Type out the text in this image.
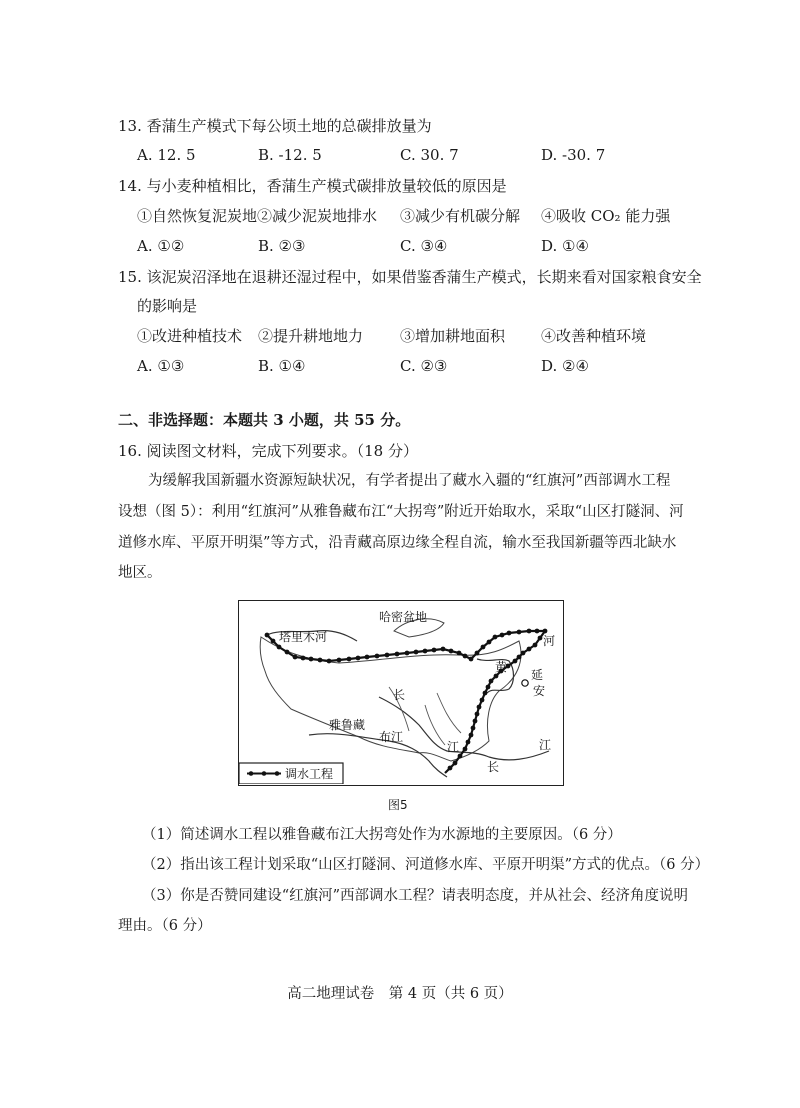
13. 香蒲生产模式下每公顷土地的总碳排放量为
A. 12. 5	B. -12. 5	C. 30. 7	D. -30. 7
14. 与小麦种植相比，香蒲生产模式碳排放量较低的原因是
①自然恢复泥炭地②减少泥炭地排水 ③减少有机碳分解 ④吸收 CO₂ 能力强
A. ①②	B. ②③	C. ③④	D. ①④
15. 该泥炭沼泽地在退耕还湿过程中，如果借鉴香蒲生产模式，长期来看对国家粮食安全
的影响是
①改进种植技术 ②提升耕地地力 ③增加耕地面积 ④改善种植环境
A. ①③	B. ①④	C. ②③	D. ②④
二、非选择题：本题共 3 小题，共 55 分。
16. 阅读图文材料，完成下列要求。（18 分）
为缓解我国新疆水资源短缺状况，有学者提出了藏水入疆的“红旗河”西部调水工程
设想（图 5）：利用“红旗河”从雅鲁藏布江“大拐弯”附近开始取水，采取“山区打隧洞、河
道修水库、平原开明渠”等方式，沿青藏高原边缘全程自流，输水至我国新疆等西北缺水
地区。
塔里木河
哈密盆地
河
黄
延
安
长
雅鲁藏
布江
江
长
江
调水工程
图5
（1）简述调水工程以雅鲁藏布江大拐弯处作为水源地的主要原因。（6 分）
（2）指出该工程计划采取“山区打隧洞、河道修水库、平原开明渠”方式的优点。（6 分）
（3）你是否赞同建设“红旗河”西部调水工程？请表明态度，并从社会、经济角度说明
理由。（6 分）
高二地理试卷　第 4 页（共 6 页）
